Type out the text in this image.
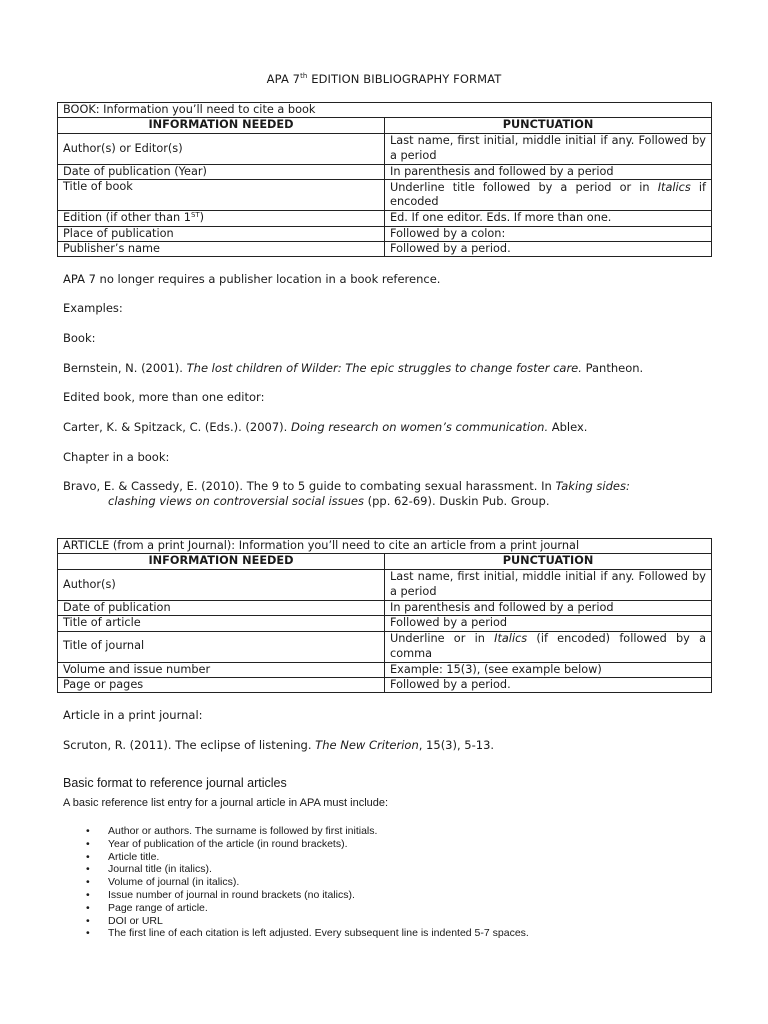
APA 7th EDITION BIBLIOGRAPHY FORMAT
BOOK: Information you’ll need to cite a book	
INFORMATION NEEDED	PUNCTUATION
Author(s) or Editor(s)	Last name, first initial, middle initial if any. Followed by a period
Date of publication (Year)	In parenthesis and followed by a period
Title of book	Underline title followed by a period or in Italics if encoded
Edition (if other than 1ST)	Ed. If one editor. Eds. If more than one.
Place of publication	Followed by a colon:
Publisher’s name	Followed by a period.
APA 7 no longer requires a publisher location in a book reference.
Examples:
Book:
Bernstein, N. (2001). The lost children of Wilder: The epic struggles to change foster care. Pantheon.
Edited book, more than one editor:
Carter, K. & Spitzack, C. (Eds.). (2007). Doing research on women’s communication. Ablex.
Chapter in a book:
Bravo, E. & Cassedy, E. (2010). The 9 to 5 guide to combating sexual harassment. In Taking sides:
clashing views on controversial social issues (pp. 62-69). Duskin Pub. Group.
ARTICLE (from a print Journal): Information you’ll need to cite an article from a print journal	
INFORMATION NEEDED	PUNCTUATION
Author(s)	Last name, first initial, middle initial if any. Followed by a period
Date of publication	In parenthesis and followed by a period
Title of article	Followed by a period
Title of journal	Underline or in Italics (if encoded) followed by a comma
Volume and issue number	Example: 15(3), (see example below)
Page or pages	Followed by a period.
Article in a print journal:
Scruton, R. (2011). The eclipse of listening. The New Criterion, 15(3), 5-13.
Basic format to reference journal articles
A basic reference list entry for a journal article in APA must include:
• Author or authors. The surname is followed by first initials.
• Year of publication of the article (in round brackets).
• Article title.
• Journal title (in italics).
• Volume of journal (in italics).
• Issue number of journal in round brackets (no italics).
• Page range of article.
• DOI or URL
• The first line of each citation is left adjusted. Every subsequent line is indented 5-7 spaces.
